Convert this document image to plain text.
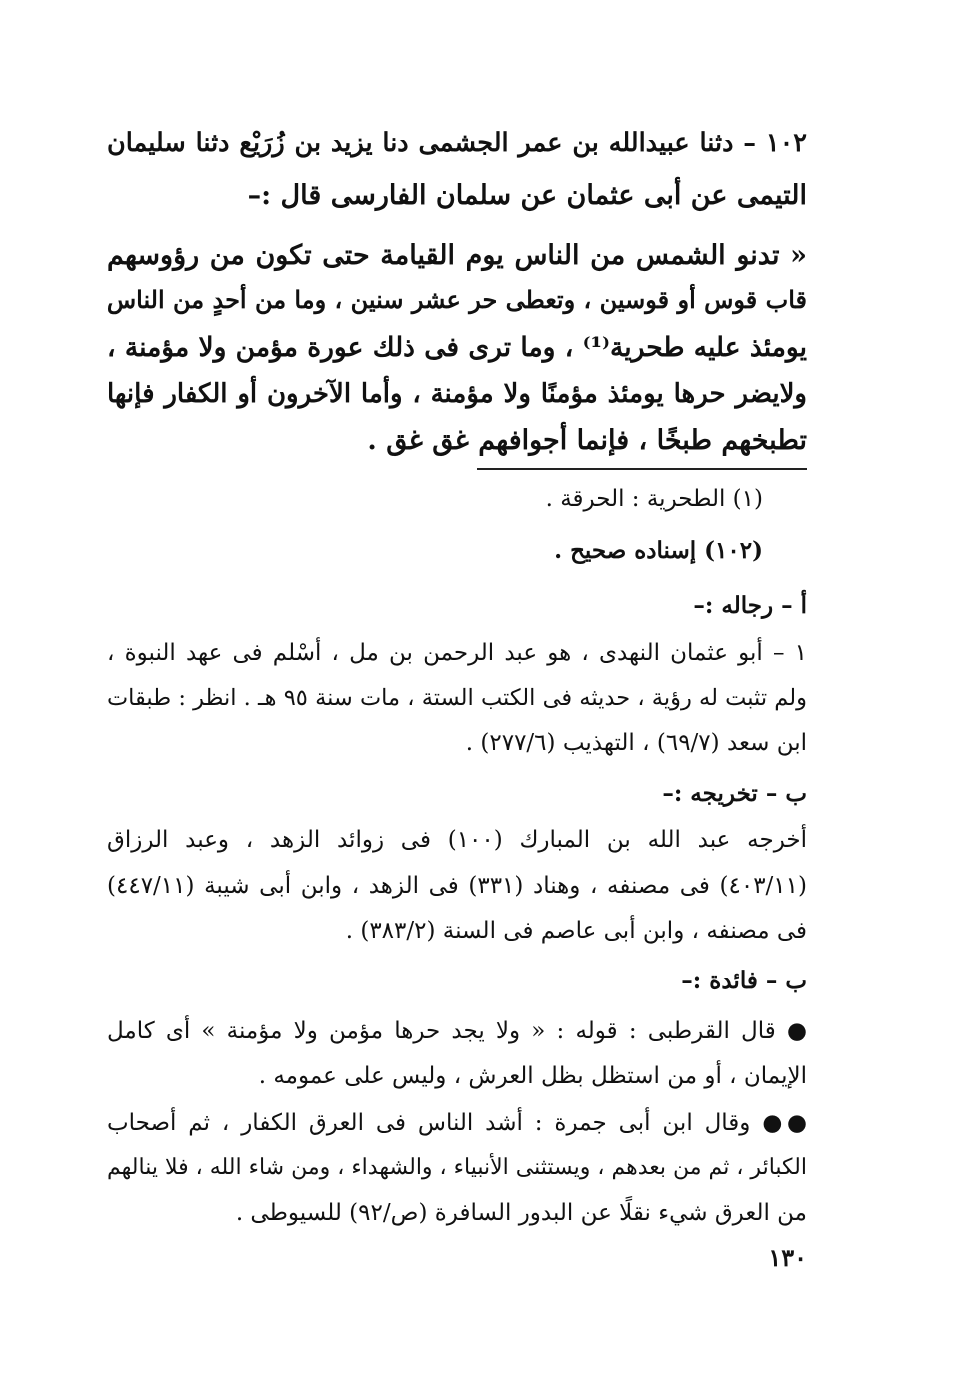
١٠٢ – دثنا عبيدالله بن عمر الجشمى دنا يزيد بن زُرَيْع دثنا سليمان
التيمى عن أبى عثمان عن سلمان الفارسى قال :–
« تدنو الشمس من الناس يوم القيامة حتى تكون من رؤوسهم
قاب قوس أو قوسين ، وتعطى حر عشر سنين ، وما من أحدٍ من الناس
يومئذ عليه طحرية⁽¹⁾ ، وما ترى فى ذلك عورة مؤمن ولا مؤمنة ،
ولايضر حرها يومئذ مؤمنًا ولا مؤمنة ، وأما الآخرون أو الكفار فإنها
تطبخهم طبخًا ، فإنما أجوافهم غق غق .
(١) الطحرية : الحرقة .
(١٠٢) إسناده صحيح .
أ – رجاله :–
١ – أبو عثمان النهدى ، هو عبد الرحمن بن مل ، أسْلم فى عهد النبوة ،
ولم تثبت له رؤية ، حديثه فى الكتب الستة ، مات سنة ٩٥ هـ . انظر : طبقات
ابن سعد (٦٩/٧) ، التهذيب (٢٧٧/٦) .
ب – تخريجه :–
أخرجه عبد الله بن المبارك (١٠٠) فى زوائد الزهد ، وعبد الرزاق
(٤٠٣/١١) فى مصنفه ، وهناد (٣٣١) فى الزهد ، وابن أبى شيبة (٤٤٧/١١)
فى مصنفه ، وابن أبى عاصم فى السنة (٣٨٣/٢) .
ب – فائدة :–
● قال القرطبى : قوله : « ولا يجد حرها مؤمن ولا مؤمنة » أى كامل
الإيمان ، أو من استظل بظل العرش ، وليس على عمومه .
●● وقال ابن أبى جمرة : أشد الناس فى العرق الكفار ، ثم أصحاب
الكبائر ، ثم من بعدهم ، ويستثنى الأنبياء ، والشهداء ، ومن شاء الله ، فلا ينالهم
من العرق شيء نقلًا عن البدور السافرة (ص/٩٢) للسيوطى .
١٣٠
